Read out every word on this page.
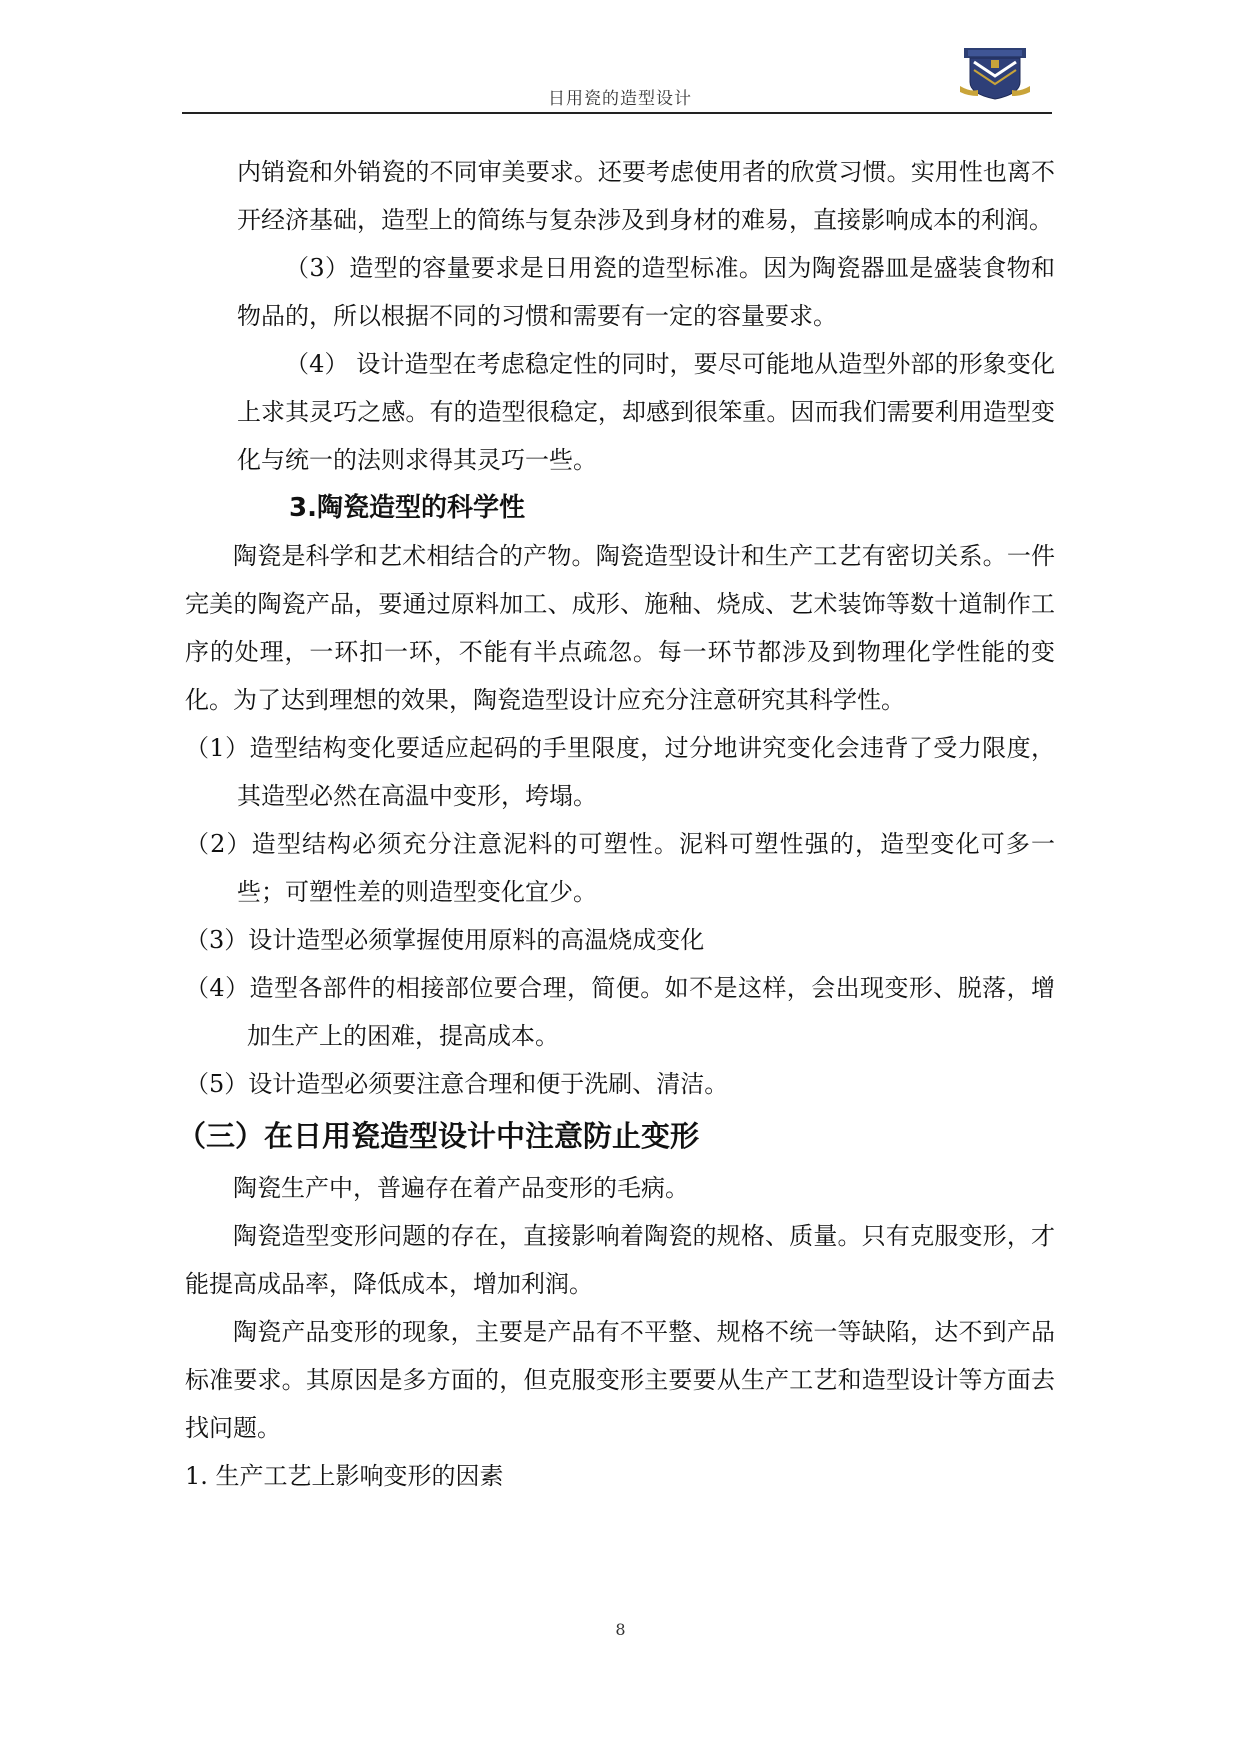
日用瓷的造型设计

内销瓷和外销瓷的不同审美要求。还要考虑使用者的欣赏习惯。实用性也离不开经济基础，造型上的简练与复杂涉及到身材的难易，直接影响成本的利润。

（3）造型的容量要求是日用瓷的造型标准。因为陶瓷器皿是盛装食物和物品的，所以根据不同的习惯和需要有一定的容量要求。

（4） 设计造型在考虑稳定性的同时，要尽可能地从造型外部的形象变化上求其灵巧之感。有的造型很稳定，却感到很笨重。因而我们需要利用造型变化与统一的法则求得其灵巧一些。

3.陶瓷造型的科学性

陶瓷是科学和艺术相结合的产物。陶瓷造型设计和生产工艺有密切关系。一件完美的陶瓷产品，要通过原料加工、成形、施釉、烧成、艺术装饰等数十道制作工序的处理，一环扣一环，不能有半点疏忽。每一环节都涉及到物理化学性能的变化。为了达到理想的效果，陶瓷造型设计应充分注意研究其科学性。

（1）造型结构变化要适应起码的手里限度，过分地讲究变化会违背了受力限度，其造型必然在高温中变形，垮塌。

（2）造型结构必须充分注意泥料的可塑性。泥料可塑性强的，造型变化可多一些；可塑性差的则造型变化宜少。

（3）设计造型必须掌握使用原料的高温烧成变化

（4）造型各部件的相接部位要合理，简便。如不是这样，会出现变形、脱落，增加生产上的困难，提高成本。

（5）设计造型必须要注意合理和便于洗刷、清洁。

（三）在日用瓷造型设计中注意防止变形

陶瓷生产中，普遍存在着产品变形的毛病。

陶瓷造型变形问题的存在，直接影响着陶瓷的规格、质量。只有克服变形，才能提高成品率，降低成本，增加利润。

陶瓷产品变形的现象，主要是产品有不平整、规格不统一等缺陷，达不到产品标准要求。其原因是多方面的，但克服变形主要要从生产工艺和造型设计等方面去找问题。

1. 生产工艺上影响变形的因素

8
